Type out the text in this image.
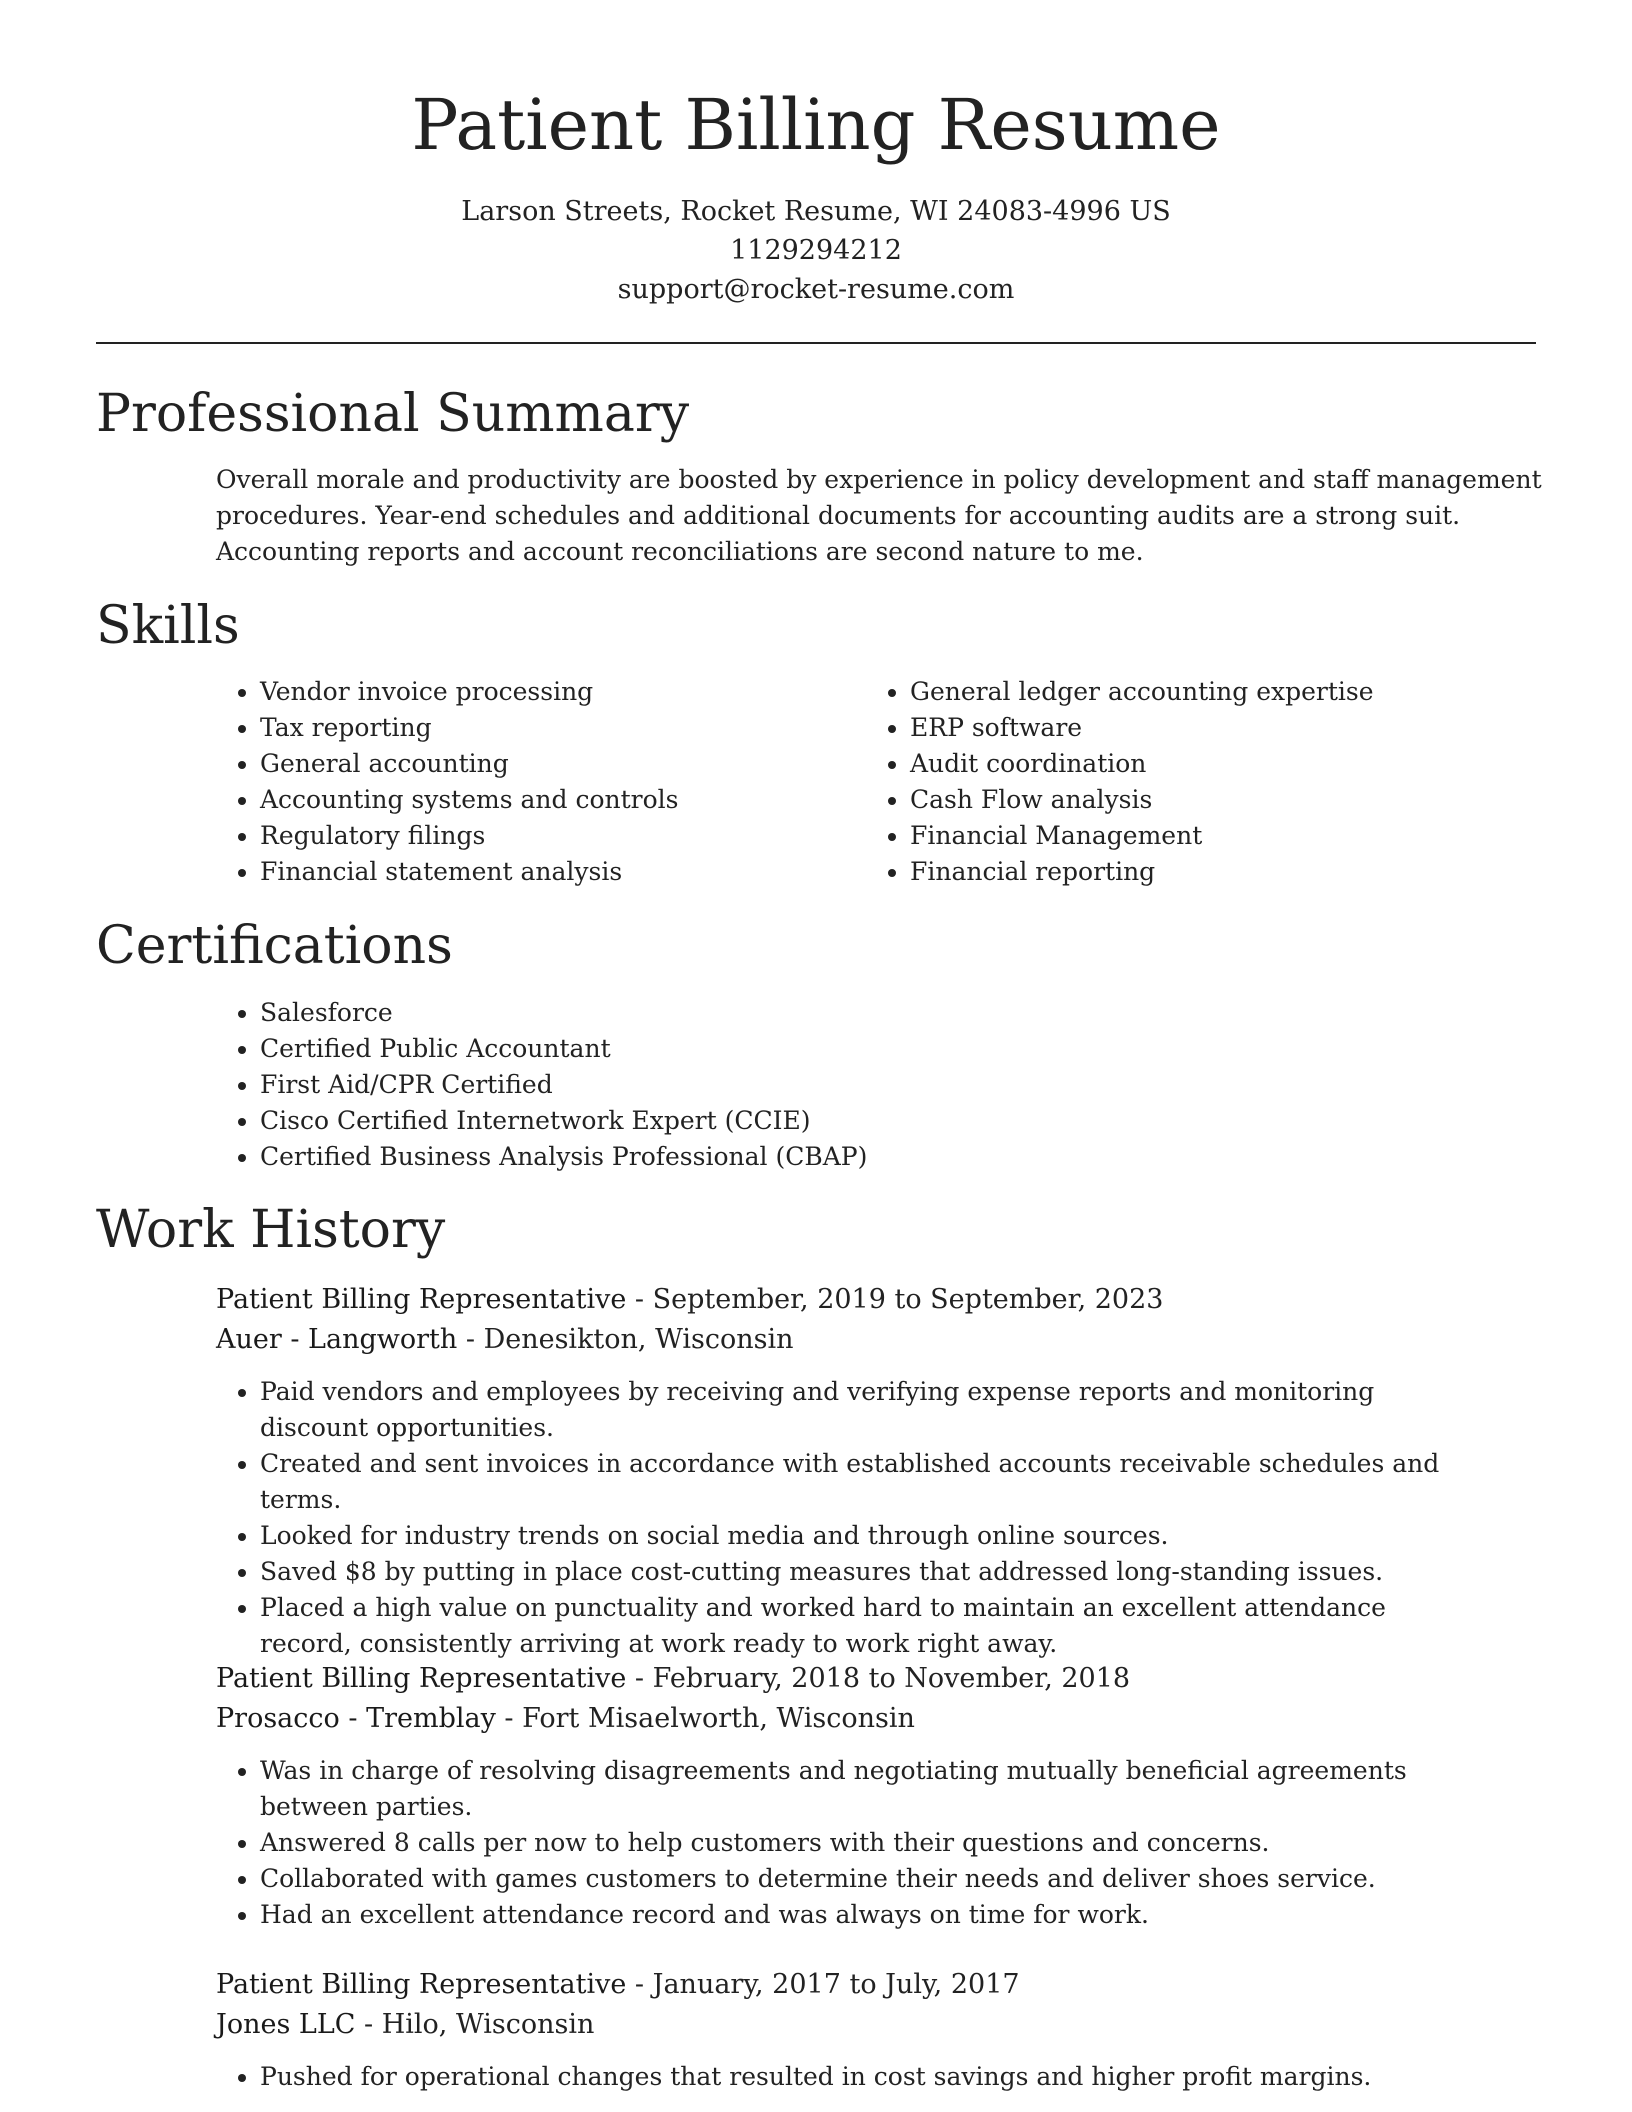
Patient Billing Resume
Larson Streets, Rocket Resume, WI 24083-4996 US
1129294212
support@rocket-resume.com
Professional Summary

Overall morale and productivity are boosted by experience in policy development and staff management procedures. Year-end schedules and additional documents for accounting audits are a strong suit. Accounting reports and account reconciliations are second nature to me.

Skills
• Vendor invoice processing
• Tax reporting
• General accounting
• Accounting systems and controls
• Regulatory filings
• Financial statement analysis
• General ledger accounting expertise
• ERP software
• Audit coordination
• Cash Flow analysis
• Financial Management
• Financial reporting
Certifications
• Salesforce
• Certified Public Accountant
• First Aid/CPR Certified
• Cisco Certified Internetwork Expert (CCIE)
• Certified Business Analysis Professional (CBAP)
Work History
Patient Billing Representative - September, 2019 to September, 2023
Auer - Langworth - Denesikton, Wisconsin
• Paid vendors and employees by receiving and verifying expense reports and monitoring discount opportunities.
• Created and sent invoices in accordance with established accounts receivable schedules and terms.
• Looked for industry trends on social media and through online sources.
• Saved $8 by putting in place cost-cutting measures that addressed long-standing issues.
• Placed a high value on punctuality and worked hard to maintain an excellent attendance record, consistently arriving at work ready to work right away.
Patient Billing Representative - February, 2018 to November, 2018
Prosacco - Tremblay - Fort Misaelworth, Wisconsin
• Was in charge of resolving disagreements and negotiating mutually beneficial agreements between parties.
• Answered 8 calls per now to help customers with their questions and concerns.
• Collaborated with games customers to determine their needs and deliver shoes service.
• Had an excellent attendance record and was always on time for work.
Patient Billing Representative - January, 2017 to July, 2017
Jones LLC - Hilo, Wisconsin
• Pushed for operational changes that resulted in cost savings and higher profit margins.
